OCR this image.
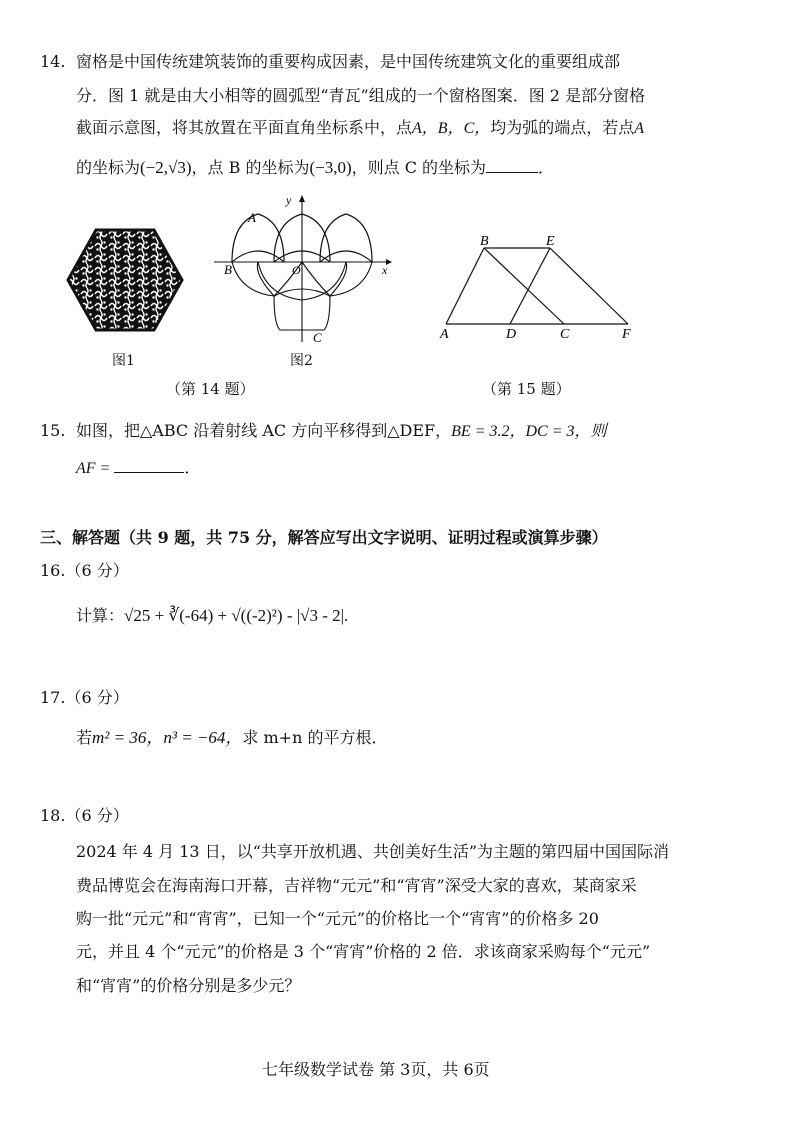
14. 窗格是中国传统建筑装饰的重要构成因素，是中国传统建筑文化的重要组成部
分．图 1 就是由大小相等的圆弧型“青瓦”组成的一个窗格图案．图 2 是部分窗格
截面示意图，将其放置在平面直角坐标系中，点A，B，C，均为弧的端点，若点A
的坐标为(−2,√3)，点 B 的坐标为(−3,0)，则点 C 的坐标为	．
图1
A
B
C
O	x
y
图2
（第 14 题）
B	E
A	D	C	F
（第 15 题）
15. 如图，把△ABC 沿着射线 AC 方向平移得到△DEF，BE = 3.2，DC = 3，则
AF =	．
三、解答题（共 9 题，共 75 分，解答应写出文字说明、证明过程或演算步骤）
16.（6 分）
计算：√25 + ∛(-64) + √((-2)²) - |√3 - 2|.
17.（6 分）
若m² = 36，n³ = −64，求 m+n 的平方根．
18.（6 分）
2024 年 4 月 13 日，以“共享开放机遇、共创美好生活”为主题的第四届中国国际消
费品博览会在海南海口开幕，吉祥物“元元”和“宵宵”深受大家的喜欢，某商家采
购一批“元元”和“宵宵”，已知一个“元元”的价格比一个“宵宵”的价格多 20
元，并且 4 个“元元”的价格是 3 个“宵宵”价格的 2 倍．求该商家采购每个“元元”
和“宵宵”的价格分别是多少元？
七年级数学试卷 第 3页，共 6页
